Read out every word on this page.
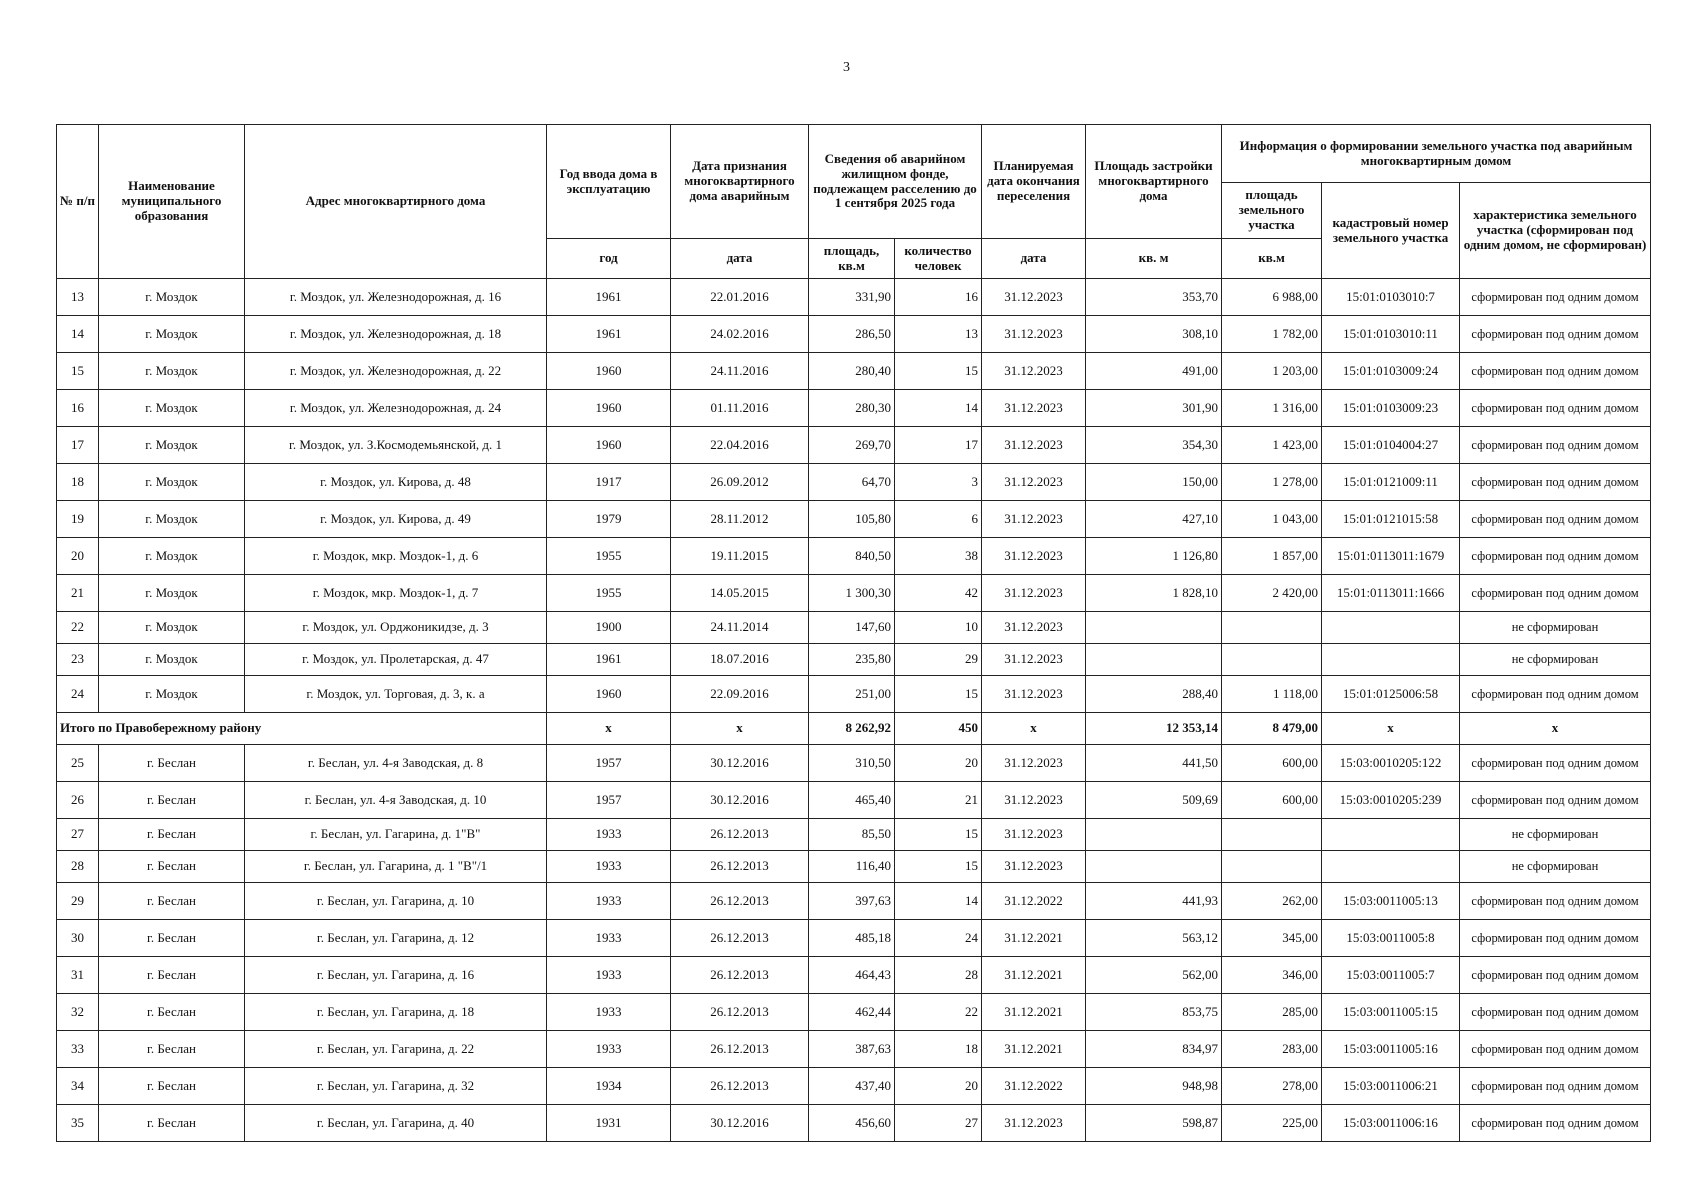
3
№ п/п	Наименование муниципального образования	Адрес многоквартирного дома	Год ввода дома в эксплуатацию	Дата признания многоквартирного дома аварийным	Сведения об аварийном жилищном фонде, подлежащем расселению до 1 сентября 2025 года		Планируемая дата окончания переселения	Площадь застройки многоквартирного дома	Информация о формировании земельного участка под аварийным многоквартирным домом		
									площадь земельного участка	кадастровый номер земельного участка	характеристика земельного участка (сформирован под одним домом, не сформирован)
			год	дата	площадь, кв.м	количество человек	дата	кв. м	кв.м		
13	г. Моздок	г. Моздок, ул. Железнодорожная, д. 16	1961	22.01.2016	331,90	16	31.12.2023	353,70	6 988,00	15:01:0103010:7	сформирован под одним домом
14	г. Моздок	г. Моздок, ул. Железнодорожная, д. 18	1961	24.02.2016	286,50	13	31.12.2023	308,10	1 782,00	15:01:0103010:11	сформирован под одним домом
15	г. Моздок	г. Моздок, ул. Железнодорожная, д. 22	1960	24.11.2016	280,40	15	31.12.2023	491,00	1 203,00	15:01:0103009:24	сформирован под одним домом
16	г. Моздок	г. Моздок, ул. Железнодорожная, д. 24	1960	01.11.2016	280,30	14	31.12.2023	301,90	1 316,00	15:01:0103009:23	сформирован под одним домом
17	г. Моздок	г. Моздок, ул. З.Космодемьянской, д. 1	1960	22.04.2016	269,70	17	31.12.2023	354,30	1 423,00	15:01:0104004:27	сформирован под одним домом
18	г. Моздок	г. Моздок, ул. Кирова, д. 48	1917	26.09.2012	64,70	3	31.12.2023	150,00	1 278,00	15:01:0121009:11	сформирован под одним домом
19	г. Моздок	г. Моздок, ул. Кирова, д. 49	1979	28.11.2012	105,80	6	31.12.2023	427,10	1 043,00	15:01:0121015:58	сформирован под одним домом
20	г. Моздок	г. Моздок, мкр. Моздок-1, д. 6	1955	19.11.2015	840,50	38	31.12.2023	1 126,80	1 857,00	15:01:0113011:1679	сформирован под одним домом
21	г. Моздок	г. Моздок, мкр. Моздок-1, д. 7	1955	14.05.2015	1 300,30	42	31.12.2023	1 828,10	2 420,00	15:01:0113011:1666	сформирован под одним домом
22	г. Моздок	г. Моздок, ул. Орджоникидзе, д. 3	1900	24.11.2014	147,60	10	31.12.2023				не сформирован
23	г. Моздок	г. Моздок, ул. Пролетарская, д. 47	1961	18.07.2016	235,80	29	31.12.2023				не сформирован
24	г. Моздок	г. Моздок, ул. Торговая, д. 3, к. а	1960	22.09.2016	251,00	15	31.12.2023	288,40	1 118,00	15:01:0125006:58	сформирован под одним домом
Итого по Правобережному району			х	х	8 262,92	450	х	12 353,14	8 479,00	х	х
25	г. Беслан	г. Беслан, ул. 4-я Заводская, д. 8	1957	30.12.2016	310,50	20	31.12.2023	441,50	600,00	15:03:0010205:122	сформирован под одним домом
26	г. Беслан	г. Беслан, ул. 4-я Заводская, д. 10	1957	30.12.2016	465,40	21	31.12.2023	509,69	600,00	15:03:0010205:239	сформирован под одним домом
27	г. Беслан	г. Беслан, ул. Гагарина, д. 1"В"	1933	26.12.2013	85,50	15	31.12.2023				не сформирован
28	г. Беслан	г. Беслан, ул. Гагарина, д. 1 "В"/1	1933	26.12.2013	116,40	15	31.12.2023				не сформирован
29	г. Беслан	г. Беслан, ул. Гагарина, д. 10	1933	26.12.2013	397,63	14	31.12.2022	441,93	262,00	15:03:0011005:13	сформирован под одним домом
30	г. Беслан	г. Беслан, ул. Гагарина, д. 12	1933	26.12.2013	485,18	24	31.12.2021	563,12	345,00	15:03:0011005:8	сформирован под одним домом
31	г. Беслан	г. Беслан, ул. Гагарина, д. 16	1933	26.12.2013	464,43	28	31.12.2021	562,00	346,00	15:03:0011005:7	сформирован под одним домом
32	г. Беслан	г. Беслан, ул. Гагарина, д. 18	1933	26.12.2013	462,44	22	31.12.2021	853,75	285,00	15:03:0011005:15	сформирован под одним домом
33	г. Беслан	г. Беслан, ул. Гагарина, д. 22	1933	26.12.2013	387,63	18	31.12.2021	834,97	283,00	15:03:0011005:16	сформирован под одним домом
34	г. Беслан	г. Беслан, ул. Гагарина, д. 32	1934	26.12.2013	437,40	20	31.12.2022	948,98	278,00	15:03:0011006:21	сформирован под одним домом
35	г. Беслан	г. Беслан, ул. Гагарина, д. 40	1931	30.12.2016	456,60	27	31.12.2023	598,87	225,00	15:03:0011006:16	сформирован под одним домом
